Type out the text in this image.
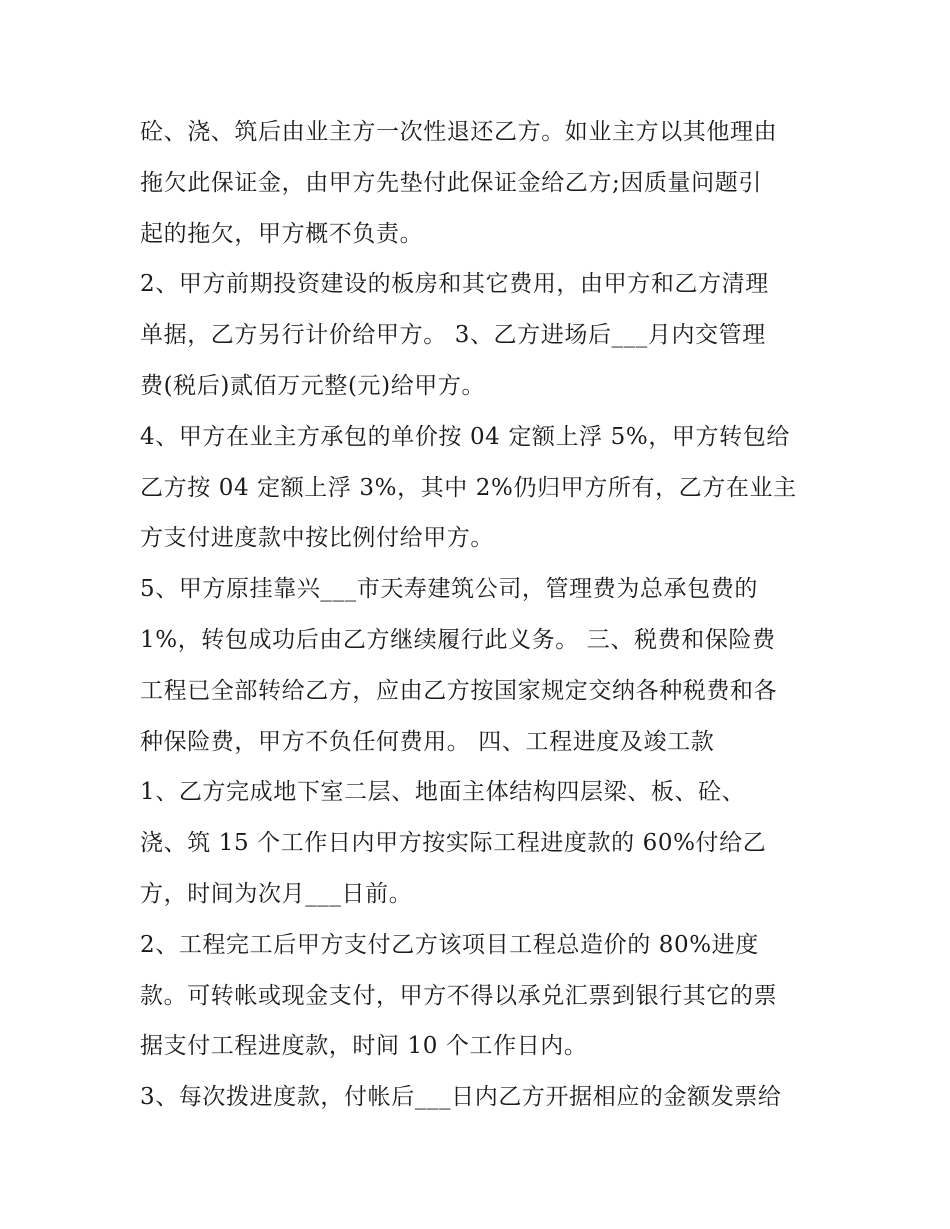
砼、浇、筑后由业主方一次性退还乙方。如业主方以其他理由
拖欠此保证金，由甲方先垫付此保证金给乙方;因质量问题引
起的拖欠，甲方概不负责。
2、甲方前期投资建设的板房和其它费用，由甲方和乙方清理
单据，乙方另行计价给甲方。 3、乙方进场后___月内交管理
费(税后)贰佰万元整(元)给甲方。
4、甲方在业主方承包的单价按 04 定额上浮 5%，甲方转包给
乙方按 04 定额上浮 3%，其中 2%仍归甲方所有，乙方在业主
方支付进度款中按比例付给甲方。
5、甲方原挂靠兴___市天寿建筑公司，管理费为总承包费的
1%，转包成功后由乙方继续履行此义务。 三、税费和保险费
工程已全部转给乙方，应由乙方按国家规定交纳各种税费和各
种保险费，甲方不负任何费用。 四、工程进度及竣工款
1、乙方完成地下室二层、地面主体结构四层梁、板、砼、
浇、筑 15 个工作日内甲方按实际工程进度款的 60%付给乙
方，时间为次月___日前。
2、工程完工后甲方支付乙方该项目工程总造价的 80%进度
款。可转帐或现金支付，甲方不得以承兑汇票到银行其它的票
据支付工程进度款，时间 10 个工作日内。
3、每次拨进度款，付帐后___日内乙方开据相应的金额发票给
